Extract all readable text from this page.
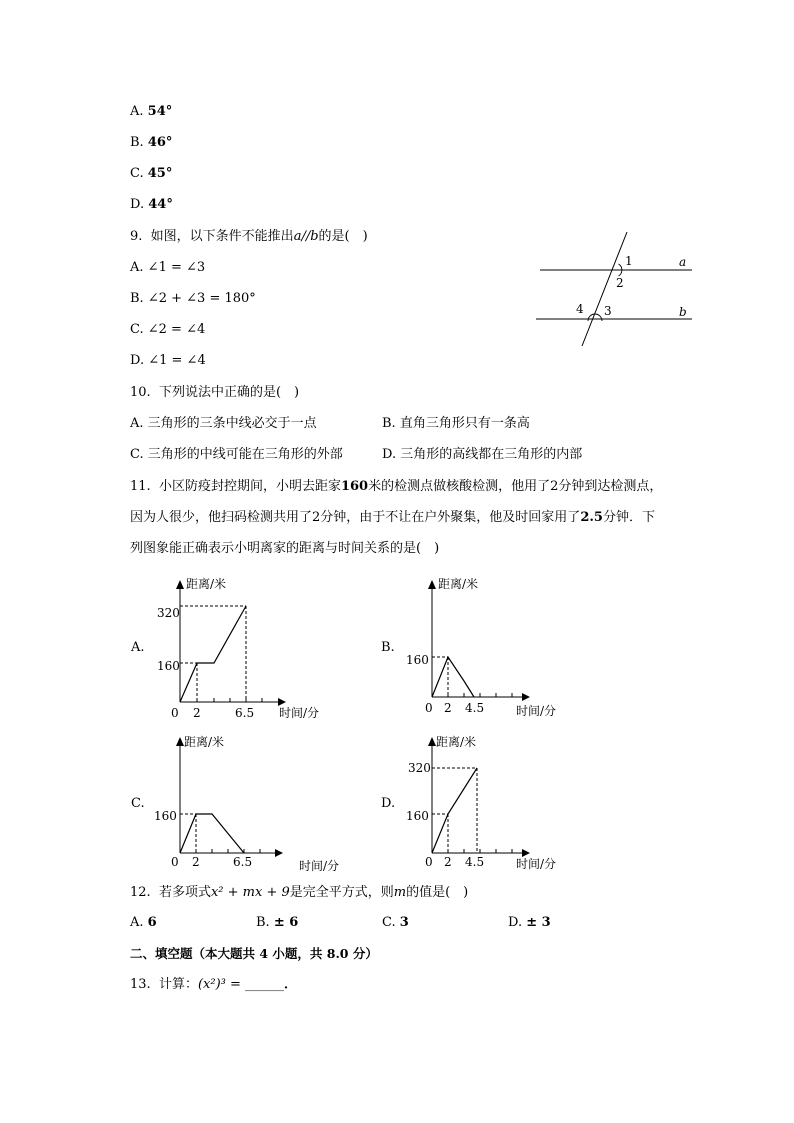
A. 54°
B. 46°
C. 45°
D. 44°
9. 如图，以下条件不能推出a//b的是( )
A. ∠1 = ∠3
B. ∠2 + ∠3 = 180°
C. ∠2 = ∠4
D. ∠1 = ∠4
1
2
3
4
a
b
10. 下列说法中正确的是( )
A. 三角形的三条中线必交于一点	B. 直角三角形只有一条高
C. 三角形的中线可能在三角形的外部	D. 三角形的高线都在三角形的内部
11. 小区防疫封控期间，小明去距家160米的检测点做核酸检测，他用了2分钟到达检测点，
因为人很少，他扫码检测共用了2分钟，由于不让在户外聚集，他及时回家用了2.5分钟．下
列图象能正确表示小明离家的距离与时间关系的是( )
A.
距离/米
320
160
0 2	6.5 时间/分
B.
距离/米
160
0 2 4.5	时间/分
C.
距离/米
160
0 2	6.5	时间/分
D.
距离/米
320
160
0 2 4.5	时间/分
12. 若多项式x² + mx + 9是完全平方式，则m的值是( )
A. 6	B. ± 6	C. 3	D. ± 3
二、填空题（本大题共 4 小题，共 8.0 分）
13. 计算：(x²)³ = ______．
